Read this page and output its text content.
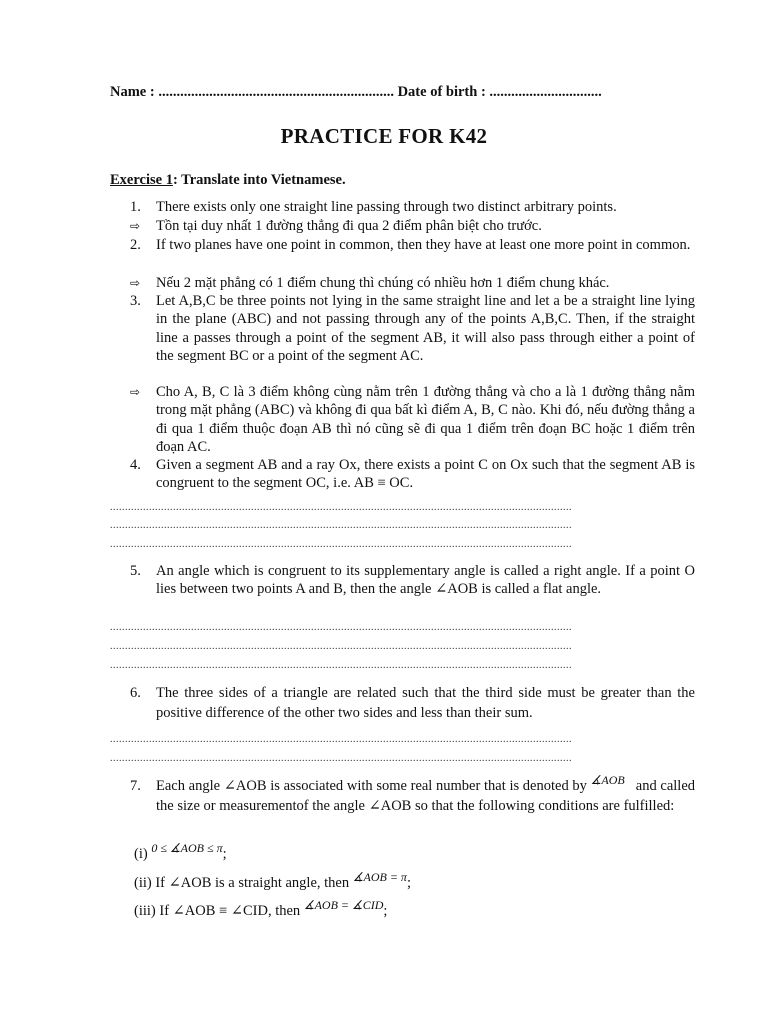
Name : ................................................................. Date of birth : ...............................
PRACTICE FOR K42
Exercise 1: Translate into Vietnamese.
1.	There exists only one straight line passing through two distinct arbitrary points.
⇨	Tồn tại duy nhất 1 đường thẳng đi qua 2 điểm phân biệt cho trước.
2.	If two planes have one point in common, then they have at least one more point in common.
⇨	Nếu 2 mặt phẳng có 1 điểm chung thì chúng có nhiều hơn 1 điểm chung khác.
3.	Let A,B,C be three points not lying in the same straight line and let a be a straight line lying in the plane (ABC) and not passing through any of the points A,B,C. Then, if the straight line a passes through a point of the segment AB, it will also pass through either a point of the segment BC or a point of the segment AC.
⇨	Cho A, B, C là 3 điểm không cùng nằm trên 1 đường thẳng và cho a là 1 đường thẳng nằm trong mặt phẳng (ABC) và không đi qua bất kì điểm A, B, C nào. Khi đó, nếu đường thẳng a đi qua 1 điểm thuộc đoạn AB thì nó cũng sẽ đi qua 1 điểm trên đoạn BC hoặc 1 điểm trên đoạn AC.
4.	Given a segment AB and a ray Ox, there exists a point C on Ox such that the segment AB is congruent to the segment OC, i.e. AB ≡ OC.
..........................................................................................................................................................
..........................................................................................................................................................
..........................................................................................................................................................
5.	An angle which is congruent to its supplementary angle is called a right angle. If a point O lies between two points A and B, then the angle ∠AOB is called a flat angle.
..........................................................................................................................................................
..........................................................................................................................................................
..........................................................................................................................................................
6.	The three sides of a triangle are related such that the third side must be greater than the positive difference of the other two sides and less than their sum.
..........................................................................................................................................................
..........................................................................................................................................................
7.	Each angle ∠AOB is associated with some real number that is denoted by $^{∡AOB}$ and called the size or measurementof the angle ∠AOB so that the following conditions are fulfilled:
(i) $^{0 \le ∡AOB \le \pi}$;
(ii) If ∠AOB is a straight angle, then $^{∡AOB = \pi}$;
(iii) If ∠AOB ≡ ∠CID, then $^{∡AOB = ∡CID}$;
